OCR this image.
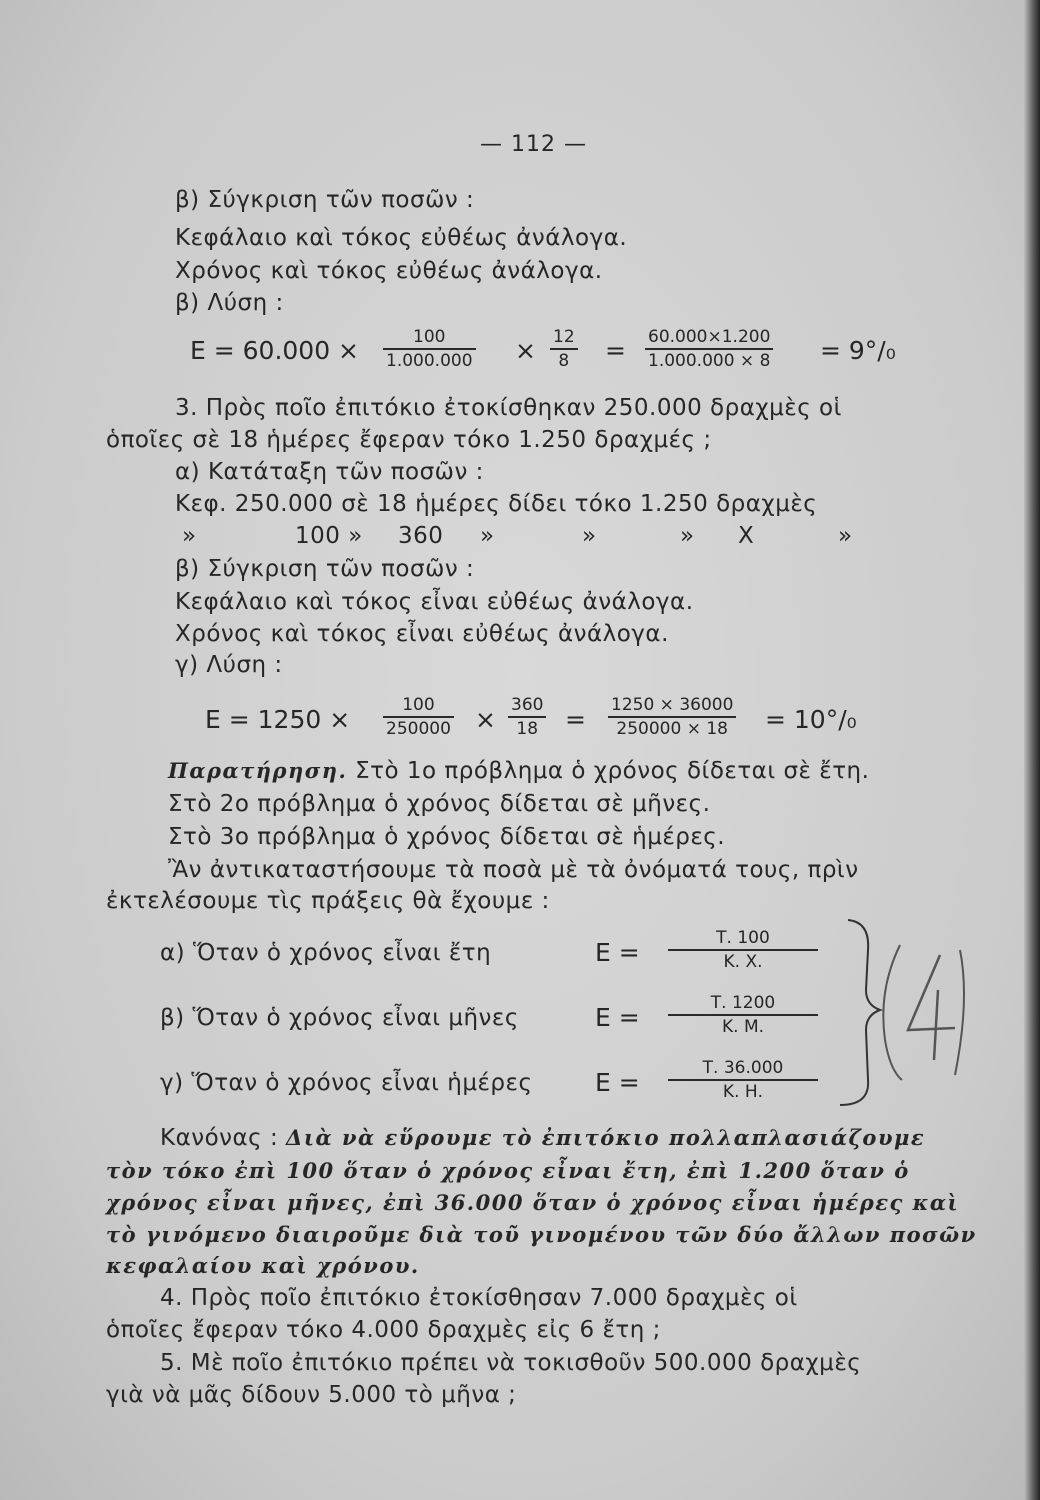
— 112 —
β) Σύγκριση τῶν ποσῶν :
Κεφάλαιο καὶ τόκος εὐθέως ἀνάλογα.
Χρόνος καὶ τόκος εὐθέως ἀνάλογα.
β) Λύση :
E = 60.000 ×	100
1.000.000 × 12
8 = 60.000×1.200
1.000.000 × 8 = 9°/₀
3. Πρὸς ποῖο ἐπιτόκιο ἐτοκίσθηκαν 250.000 δραχμὲς οἱ
ὁποῖες σὲ 18 ἡμέρες ἔφεραν τόκο 1.250 δραχμές ;
α) Κατάταξη τῶν ποσῶν :
Κεφ. 250.000 σὲ 18 ἡμέρες δίδει τόκο 1.250 δραχμὲς
»	100 » 360 »	»	» Χ	»
β) Σύγκριση τῶν ποσῶν :
Κεφάλαιο καὶ τόκος εἶναι εὐθέως ἀνάλογα.
Χρόνος καὶ τόκος εἶναι εὐθέως ἀνάλογα.
γ) Λύση :
E = 1250 ×	100
250000 × 360
18 = 1250 × 36000
250000 × 18 = 10°/₀
Παρατήρηση. Στὸ 1ο πρόβλημα ὁ χρόνος δίδεται σὲ ἔτη.
Στὸ 2ο πρόβλημα ὁ χρόνος δίδεται σὲ μῆνες.
Στὸ 3ο πρόβλημα ὁ χρόνος δίδεται σὲ ἡμέρες.
Ἂν ἀντικαταστήσουμε τὰ ποσὰ μὲ τὰ ὀνόματά τους, πρὶν
ἐκτελέσουμε τὶς πράξεις θὰ ἔχουμε :
α) Ὅταν ὁ χρόνος εἶναι ἔτη	E =	Τ. 100
Κ. Χ.
β) Ὅταν ὁ χρόνος εἶναι μῆνες	E =	Τ. 1200
Κ. Μ.
γ) Ὅταν ὁ χρόνος εἶναι ἡμέρες	E =	Τ. 36.000
Κ. Η.
Κανόνας : Διὰ νὰ εὕρουμε τὸ ἐπιτόκιο πολλαπλασιάζουμε
τὸν τόκο ἐπὶ 100 ὅταν ὁ χρόνος εἶναι ἔτη, ἐπὶ 1.200 ὅταν ὁ
χρόνος εἶναι μῆνες, ἐπὶ 36.000 ὅταν ὁ χρόνος εἶναι ἡμέρες καὶ
τὸ γινόμενο διαιροῦμε διὰ τοῦ γινομένου τῶν δύο ἄλλων ποσῶν
κεφαλαίου καὶ χρόνου.
4. Πρὸς ποῖο ἐπιτόκιο ἐτοκίσθησαν 7.000 δραχμὲς οἱ
ὁποῖες ἔφεραν τόκο 4.000 δραχμὲς εἰς 6 ἔτη ;
5. Μὲ ποῖο ἐπιτόκιο πρέπει νὰ τοκισθοῦν 500.000 δραχμὲς
γιὰ νὰ μᾶς δίδουν 5.000 τὸ μῆνα ;
